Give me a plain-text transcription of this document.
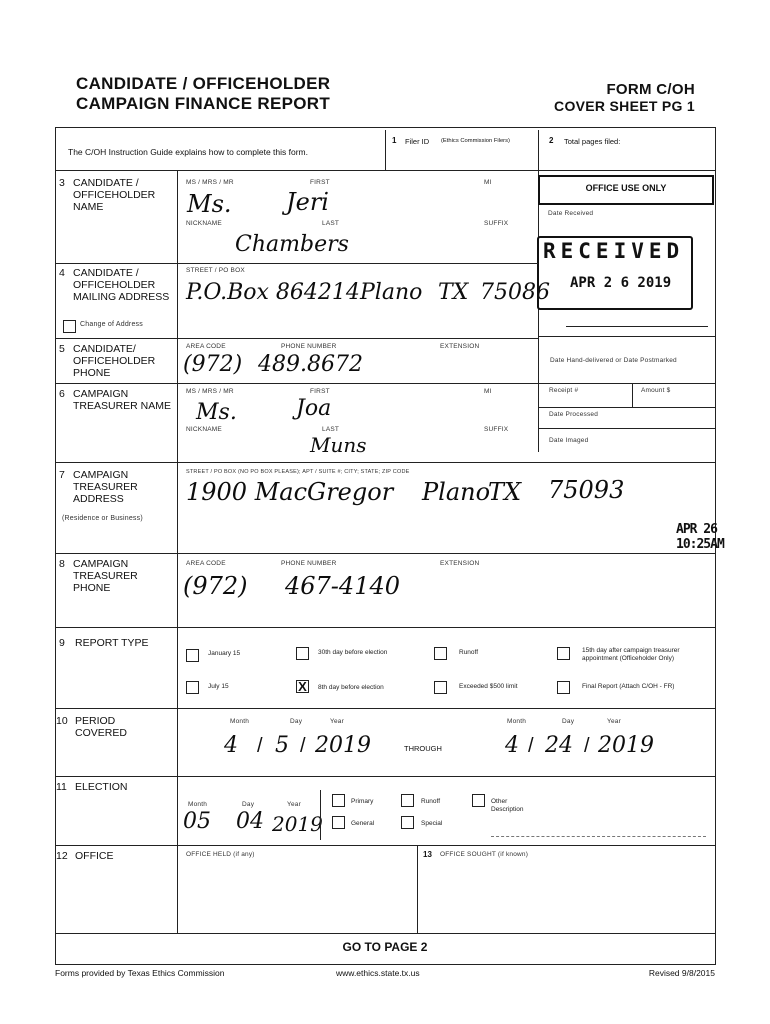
CANDIDATE / OFFICEHOLDER
CAMPAIGN FINANCE REPORT
FORM C/OH
COVER SHEET PG 1
The C/OH Instruction Guide explains how to complete this form.
1 Filer ID (Ethics Commission Filers)	2 Total pages filed:
OFFICE USE ONLY
Date Received
RECEIVED
APR 2 6 2019
Date Hand-delivered or Date Postmarked
Receipt #	Amount $
Date Processed
Date Imaged
APR 26 10:25AM
3 CANDIDATE / OFFICEHOLDER NAME
MS / MRS / MR	FIRST	MI
Ms. Jeri
NICKNAME	LAST	SUFFIX
Chambers
4 CANDIDATE / OFFICEHOLDER MAILING ADDRESS
Change of Address
STREET / PO BOX
P.O.Box 864214 Plano TX 75086
5 CANDIDATE/ OFFICEHOLDER PHONE
AREA CODE	PHONE NUMBER	EXTENSION
(972) 489.8672
6 CAMPAIGN TREASURER NAME
MS / MRS / MR	FIRST	MI
Ms.	Joa
NICKNAME	LAST	SUFFIX
Muns
7 CAMPAIGN TREASURER ADDRESS
(Residence or Business)
STREET / PO BOX (NO PO BOX PLEASE); APT / SUITE #; CITY; STATE; ZIP CODE
1900 MacGregor Plano
TX 75093
8 CAMPAIGN TREASURER PHONE
AREA CODE	PHONE NUMBER	EXTENSION
(972) 467-4140
9 REPORT TYPE
January 15	30th day before election	Runoff	15th day after campaign treasurer appointment (Officeholder Only)
July 15	X	8th day before election	Exceeded $500 limit	Final Report (Attach C/OH - FR)
10 PERIOD COVERED
Month	Day	Year	Month	Day	Year
4 / 5 / 2019	THROUGH	4 / 24 / 2019
11 ELECTION
Month	Day	Year
05 04 2019
Primary	Runoff	Other
Description
General	Special
12 OFFICE	OFFICE HELD (if any)	13 OFFICE SOUGHT (if known)
GO TO PAGE 2
Forms provided by Texas Ethics Commission	www.ethics.state.tx.us	Revised 9/8/2015
